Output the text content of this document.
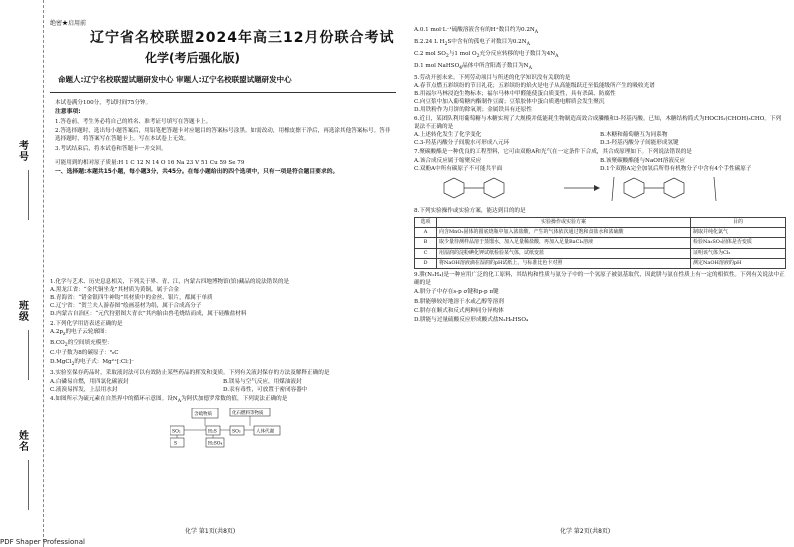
考号
班级
姓名
绝密★启用前
辽宁省名校联盟2024年高三12月份联合考试
化学(考后强化版)
命题人:辽宁名校联盟试题研发中心 审题人:辽宁名校联盟试题研发中心

本试卷满分100分，考试时间75分钟。

注意事项:

1.答卷前，考生务必将自己的姓名、准考证号填写在答题卡上。

2.答选择题时，选出每小题答案后，用铅笔把答题卡对应题目的答案标号涂黑。如需改动，用橡皮擦干净后，再选涂其他答案标号。答非选择题时，将答案写在答题卡上。写在本试卷上无效。

3.考试结束后，将本试卷和答题卡一并交回。

可能用到的相对原子质量:H 1 C 12 N 14 O 16 Na 23 V 51 Cu 59 Se 79

一、选择题:本题共15小题，每小题3分，共45分。在每小题给出的四个选项中，只有一项是符合题目要求的。

1.化学与艺术、历史息息相关，下列关于界、青、江，内蒙古四地博物馆(馆)藏品的说法错误的是
A.黑龙江省：“金代铜坐龙”其材质为黄铜，属于合金
B.青海省：“错金银四牛神钩”其材质中的金丝、银片，都属于单质
C.辽宁省：“贺兰夫人游春图”绘画基材为绢，属于合成高分子
D.内蒙古自治区：“元代狩猎图大青衣”其内胎由兽毛烧结而成，属于硅酸盐材料
2.下列化学用语表述正确的是
$A.2p_z$的电子云轮廓图：
$B.CO_2$的空间填充模型：
C.中子数为8的碳原子：⁸₆C
D.MgCl$_2$的电子式：Mg²⁺[:Cl:]⁻
3.实验室保存药品时，采取液封法可以有效防止某些药品的挥发和变质。下列有关液封保存的方法及解释正确的是
A.白磷易自燃，用四氯化碳液封	B.镁易与空气反应，用煤油液封
C.液溴易挥发，上层用水封	D.汞有毒性，可放置于密闭容器中
4.如图所示为硫元素在自然界中的循环示意图。设$N_A$为阿伏加德罗常数的值，下列说法正确的是
含硫物质	化石燃料等物质
SO₂	H₂S	SO₃	人体代谢
H₂SO₄
S
A.0.1 mol·L⁻¹硫酸溶液含有的H⁺数目约为$0.2N_A$
B.2.24 L $H_2S$中含有的孤电子对数目为$0.2N_A$
C.2 mol $SO_2$与1 mol $O_2$充分反应转移的电子数目为$4N_A$
D.1 mol NaHSO$_4$晶体中所含阳离子数目为$N_A$
5.劳动开创未来。下列劳动项目与所述的化学知识没有关联的是
A.春节点燃五彩缤纷的节日礼花；五彩缤纷的焰火是电子从高能级跃迁至低能级所产生的吸收光谱
B.用福尔马林浸泡生物标本；福尔马林中甲醛能使蛋白质变性，具有杀菌、防腐性
C.向豆浆中加入葡萄糖内酯制作豆腐；豆浆胶体中蛋白质遇电解质会发生聚沉
D.用铁粉作为月饼的除氧剂；金属铁具有还原性
6.近日，某团队利用葡萄糖与木糖实现了大规模并低能耗生物制造高效合成膦酸和3-羟基丙酸。已知，木糖结构简式为HOCH₂(CHOH)₃CHO。下列说法不正确的是
A.上述转化发生了化学变化	B.木糖和葡萄糖互为同系物
C.3-羟基丙酸分子间脱水可形成八元环	D.3-羟基丙酸分子间能形成氢键
7.聚碳酸酯是一种优良的工程塑料，它可由双酚A和光气在一定条件下合成，其合成原理如下。下列说法错误的是
A.该合成反应属于缩聚反应	B.该聚碳酸酯能与NaOH溶液反应
C.双酚A中所有碳原子不可能共平面	D.1个双酚A完全加氢后所得有机物分子中含有4个手性碳原子
8.下列实验操作或实验方案，能达到目的的是
选项	实验操作或实验方案	目的
A	向含MnO₂固体的圆底烧瓶中加入浓盐酸，产生的气体依次通过饱和食盐水和浓硫酸	制取并纯化氯气
B	取少量待测样品溶于蒸馏水，加入足量稀盐酸，再加入足量BaCl₂溶液	检验Na₂SO₃固体是否变质
C	用湿润的淀粉碘化钾试纸检验某气体，试纸变蓝	证明该气体为Cl₂
D	将NaOH溶液滴在湿润的pH试纸上，与标准比色卡对照	测定NaOH溶液的pH
9.肼(N₂H₄)是一种应用广泛的化工原料，其结构和性质与氨分子中的一个氢原子被氨基取代，因此肼与氨在性质上有一定的相似性。下列有关说法中正确的是
A.肼分子中存在s-p σ键和p-p π键
B.肼能够较好地溶于水或乙醇等溶剂
C.肼存在顺式和反式两种同分异构体
D.肼能与过量硫酸反应形成酸式盐N₂H₆HSO₄
化学 第1页(共8页)	化学 第2页(共8页)
PDF Shaper Professional
